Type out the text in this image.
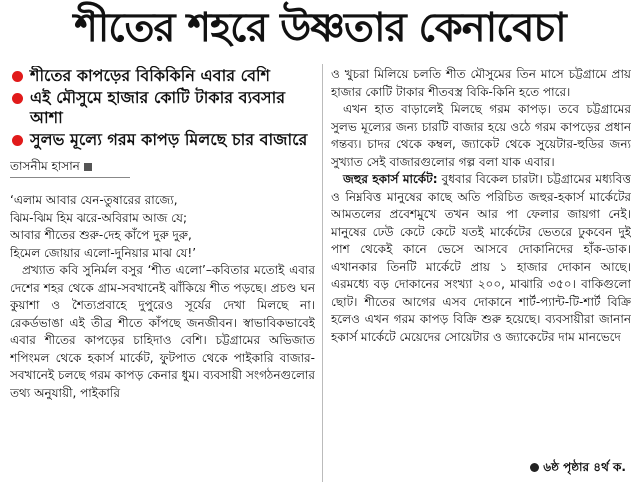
শীতের শহরে উষ্ণতার কেনাবেচা
শীতের কাপড়ের বিকিকিনি এবার বেশি
এই মৌসুমে হাজার কোটি টাকার ব্যবসার আশা
সুলভ মূল্যে গরম কাপড় মিলছে চার বাজারে
তাসনীম হাসান
‘এলাম আবার যেন-তুষারের রাজ্যে,
ঝিম-ঝিম হিম ঝরে-অবিরাম আজ যে;
আবার শীতের শুরু-দেহ কাঁপে দুরু দুরু,
হিমেল জোয়ার এলো-দুনিয়ার মাঝ যে!’

প্রখ্যাত কবি সুনির্মল বসুর ‘শীত এলো’–কবিতার মতোই এবার দেশের শহর থেকে গ্রাম-সবখানেই ঝাঁকিয়ে শীত পড়ছে। প্রচণ্ড ঘন কুয়াশা ও শৈত্যপ্রবাহে দুপুরেও সূর্যের দেখা মিলছে না। রেকর্ডভাঙা এই তীব্র শীতে কাঁপছে জনজীবন। স্বাভাবিকভাবেই এবার শীতের কাপড়ের চাহিদাও বেশি। চট্টগ্রামের অভিজাত শপিংমল থেকে হকার্স মার্কেট, ফুটপাত থেকে পাইকারি বাজার-সবখানেই চলছে গরম কাপড় কেনার ধুম। ব্যবসায়ী সংগঠনগুলোর তথ্য অনুযায়ী, পাইকারি

ও খুচরা মিলিয়ে চলতি শীত মৌসুমের তিন মাসে চট্টগ্রামে প্রায় হাজার কোটি টাকার শীতবস্ত্র বিকি-কিনি হতে পারে।

এখন হাত বাড়ালেই মিলছে গরম কাপড়। তবে চট্টগ্রামের সুলভ মূল্যের জন্য চারটি বাজার হয়ে ওঠে গরম কাপড়ের প্রধান গন্তব্য। চাদর থেকে কম্বল, জ্যাকেট থেকে সুয়েটার-হুডির জন্য সুখ্যাত সেই বাজারগুলোর গল্প বলা যাক এবার।

জহুর হকার্স মার্কেট: বুধবার বিকেল চারটা। চট্টগ্রামের মধ্যবিত্ত ও নিম্নবিত্ত মানুষের কাছে অতি পরিচিত জহুর-হকার্স মার্কেটের আমতলের প্রবেশমুখে তখন আর পা ফেলার জায়গা নেই। মানুষের ঢেউ কেটে কেটে যতই মার্কেটের ভেতরে ঢুকবেন দুই পাশ থেকেই কানে ভেসে আসবে দোকানিদের হাঁক-ডাক। এখানকার তিনটি মার্কেটে প্রায় ১ হাজার দোকান আছে। এরমধ্যে বড় দোকানের সংখ্যা ২০০, মাঝারি ৩৫০। বাকিগুলো ছোট। শীতের আগের এসব দোকানে শার্ট-প্যান্ট-টি-শার্ট বিক্রি হলেও এখন গরম কাপড় বিক্রি শুরু হয়েছে। ব্যবসায়ীরা জানান হকার্স মার্কেটে মেয়েদের সোয়েটার ও জ্যাকেটের দাম মানভেদে

৬ষ্ঠ পৃষ্ঠার ৪র্থ ক.
